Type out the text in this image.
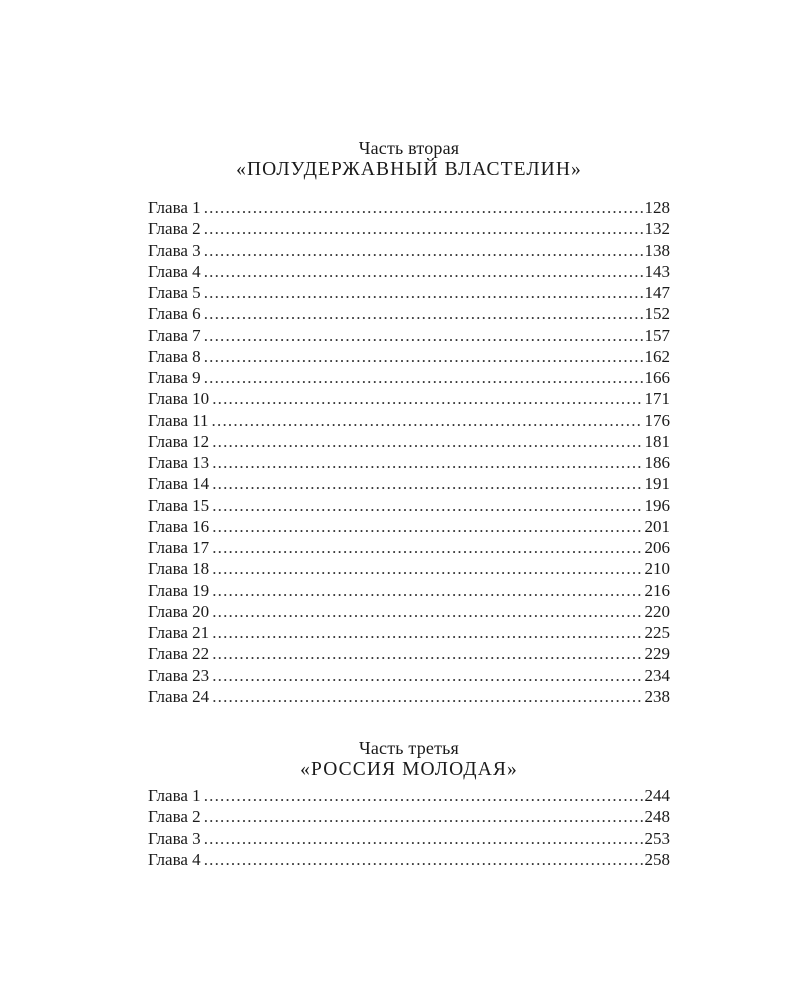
Часть вторая
«ПОЛУДЕРЖАВНЫЙ ВЛАСТЕЛИН»
Глава 1 .....	128
Глава 2 .....	132
Глава 3 .....	138
Глава 4 .....	143
Глава 5 .....	147
Глава 6 .....	152
Глава 7 .....	157
Глава 8 .....	162
Глава 9 .....	166
Глава 10 .....	171
Глава 11 .....	176
Глава 12 .....	181
Глава 13 .....	186
Глава 14 .....	191
Глава 15 .....	196
Глава 16 .....	201
Глава 17 .....	206
Глава 18 .....	210
Глава 19 .....	216
Глава 20 .....	220
Глава 21 .....	225
Глава 22 .....	229
Глава 23 .....	234
Глава 24 .....	238
Часть третья
«РОССИЯ МОЛОДАЯ»
Глава 1 .....	244
Глава 2 .....	248
Глава 3 .....	253
Глава 4 .....	258
